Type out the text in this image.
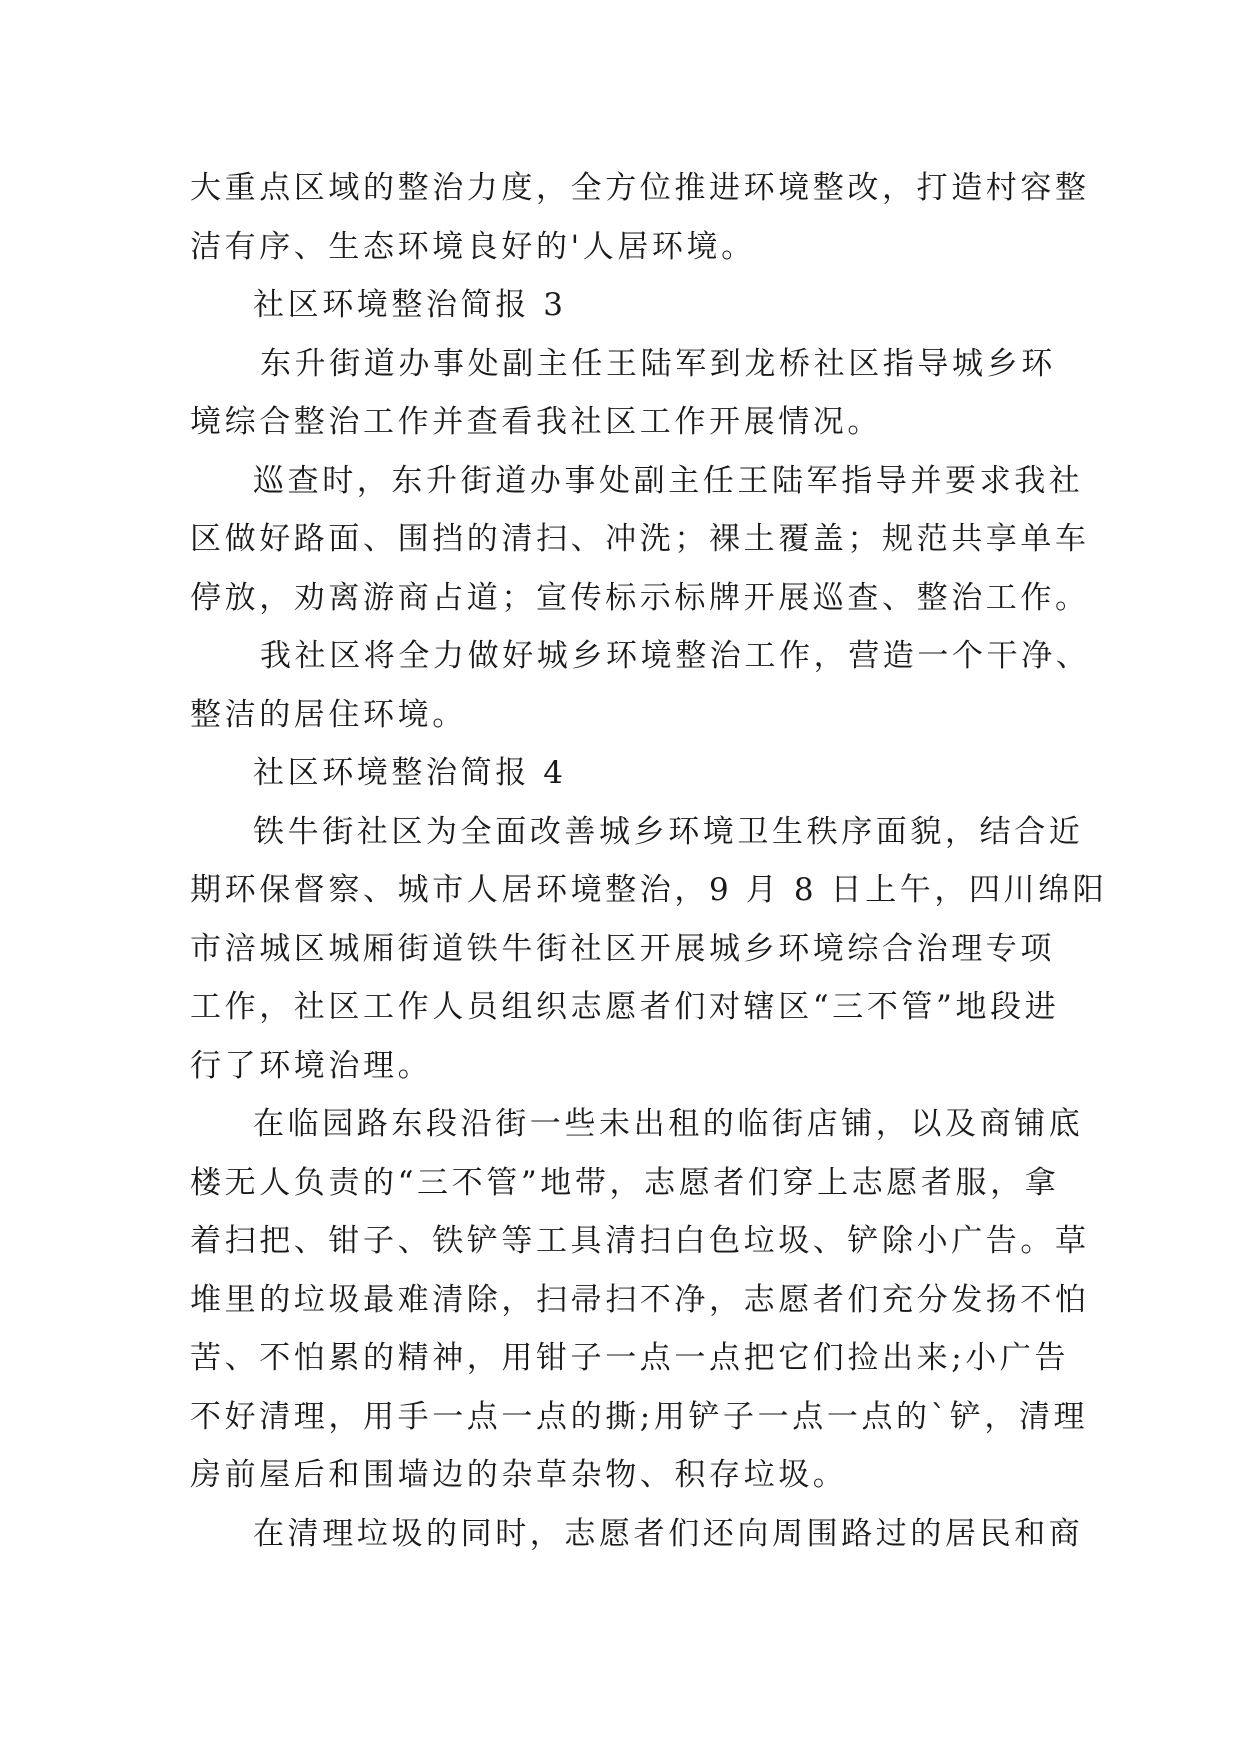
大重点区域的整治力度，全方位推进环境整改，打造村容整
洁有序、生态环境良好的'人居环境。
社区环境整治简报 3
东升街道办事处副主任王陆军到龙桥社区指导城乡环
境综合整治工作并查看我社区工作开展情况。
巡查时，东升街道办事处副主任王陆军指导并要求我社
区做好路面、围挡的清扫、冲洗；裸土覆盖；规范共享单车
停放，劝离游商占道；宣传标示标牌开展巡查、整治工作。
我社区将全力做好城乡环境整治工作，营造一个干净、
整洁的居住环境。
社区环境整治简报 4
铁牛街社区为全面改善城乡环境卫生秩序面貌，结合近
期环保督察、城市人居环境整治，9 月 8 日上午，四川绵阳
市涪城区城厢街道铁牛街社区开展城乡环境综合治理专项
工作，社区工作人员组织志愿者们对辖区“三不管”地段进
行了环境治理。
在临园路东段沿街一些未出租的临街店铺，以及商铺底
楼无人负责的“三不管”地带，志愿者们穿上志愿者服，拿
着扫把、钳子、铁铲等工具清扫白色垃圾、铲除小广告。草
堆里的垃圾最难清除，扫帚扫不净，志愿者们充分发扬不怕
苦、不怕累的精神，用钳子一点一点把它们捡出来;小广告
不好清理，用手一点一点的撕;用铲子一点一点的`铲，清理
房前屋后和围墙边的杂草杂物、积存垃圾。
在清理垃圾的同时，志愿者们还向周围路过的居民和商
